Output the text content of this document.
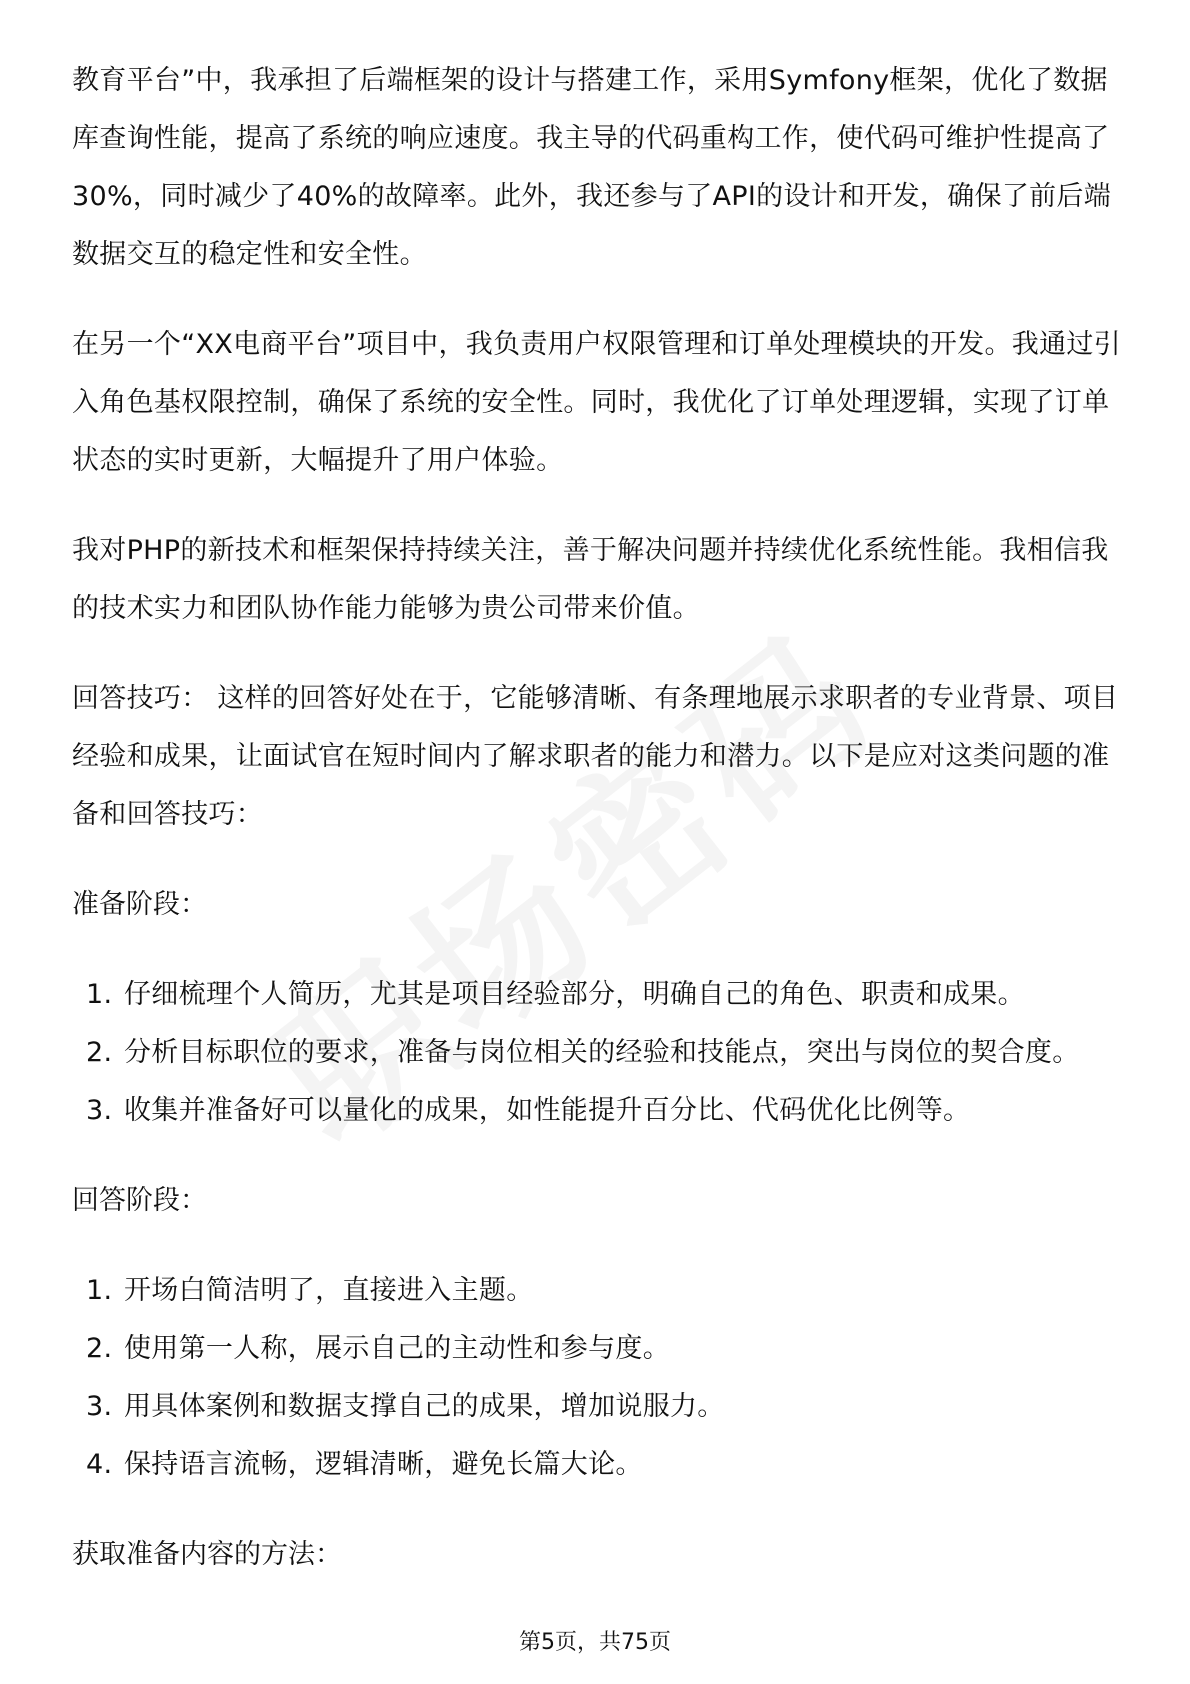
教育平台”中，我承担了后端框架的设计与搭建工作，采用Symfony框架，优化了数据库查询性能，提高了系统的响应速度。我主导的代码重构工作，使代码可维护性提高了30%，同时减少了40%的故障率。此外，我还参与了API的设计和开发，确保了前后端数据交互的稳定性和安全性。

在另一个“XX电商平台”项目中，我负责用户权限管理和订单处理模块的开发。我通过引入角色基权限控制，确保了系统的安全性。同时，我优化了订单处理逻辑，实现了订单状态的实时更新，大幅提升了用户体验。

我对PHP的新技术和框架保持持续关注，善于解决问题并持续优化系统性能。我相信我的技术实力和团队协作能力能够为贵公司带来价值。

回答技巧： 这样的回答好处在于，它能够清晰、有条理地展示求职者的专业背景、项目经验和成果，让面试官在短时间内了解求职者的能力和潜力。以下是应对这类问题的准备和回答技巧：

准备阶段：

1. 仔细梳理个人简历，尤其是项目经验部分，明确自己的角色、职责和成果。
2. 分析目标职位的要求，准备与岗位相关的经验和技能点，突出与岗位的契合度。
3. 收集并准备好可以量化的成果，如性能提升百分比、代码优化比例等。

回答阶段：

1. 开场白简洁明了，直接进入主题。
2. 使用第一人称，展示自己的主动性和参与度。
3. 用具体案例和数据支撑自己的成果，增加说服力。
4. 保持语言流畅，逻辑清晰，避免长篇大论。

获取准备内容的方法：

第5页，共75页
